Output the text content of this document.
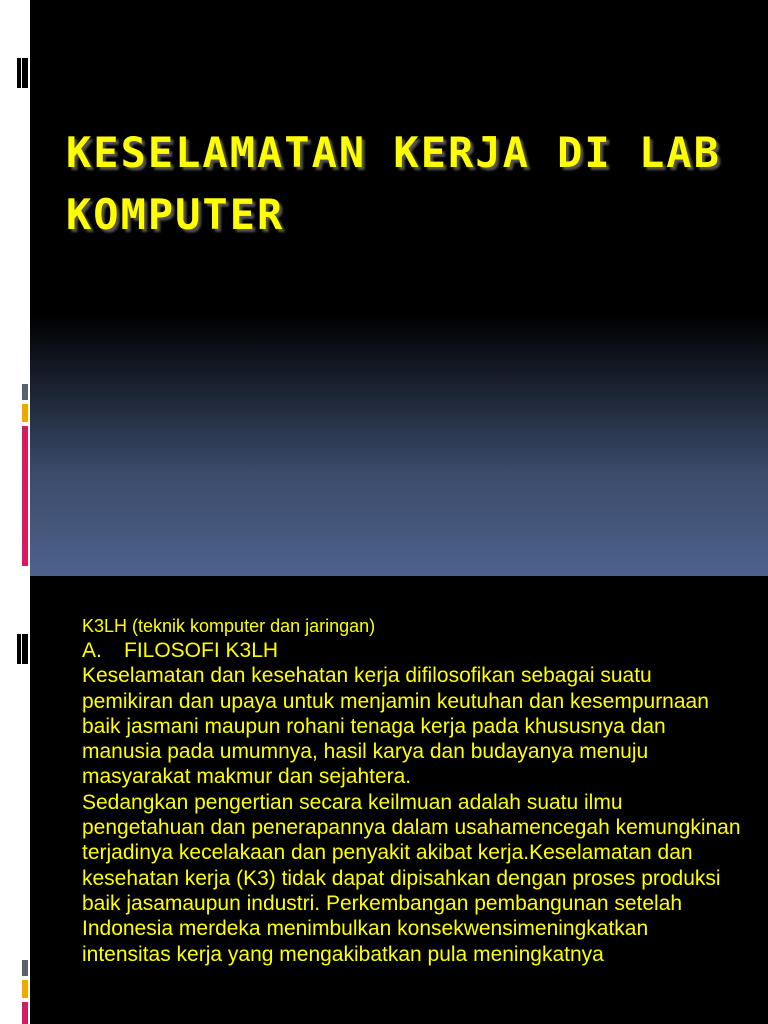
KESELAMATAN KERJA DI LAB KOMPUTER
K3LH (teknik komputer dan jaringan)
A. FILOSOFI K3LH
Keselamatan dan kesehatan kerja difilosofikan sebagai suatu pemikiran dan upaya untuk menjamin keutuhan dan kesempurnaan baik jasmani maupun rohani tenaga kerja pada khususnya dan manusia pada umumnya, hasil karya dan budayanya menuju masyarakat makmur dan sejahtera.
Sedangkan pengertian secara keilmuan adalah suatu ilmu pengetahuan dan penerapannya dalam usahamencegah kemungkinan terjadinya kecelakaan dan penyakit akibat kerja.Keselamatan dan kesehatan kerja (K3) tidak dapat dipisahkan dengan proses produksi baik jasamaupun industri. Perkembangan pembangunan setelah Indonesia merdeka menimbulkan konsekwensimeningkatkan intensitas kerja yang mengakibatkan pula meningkatnya
